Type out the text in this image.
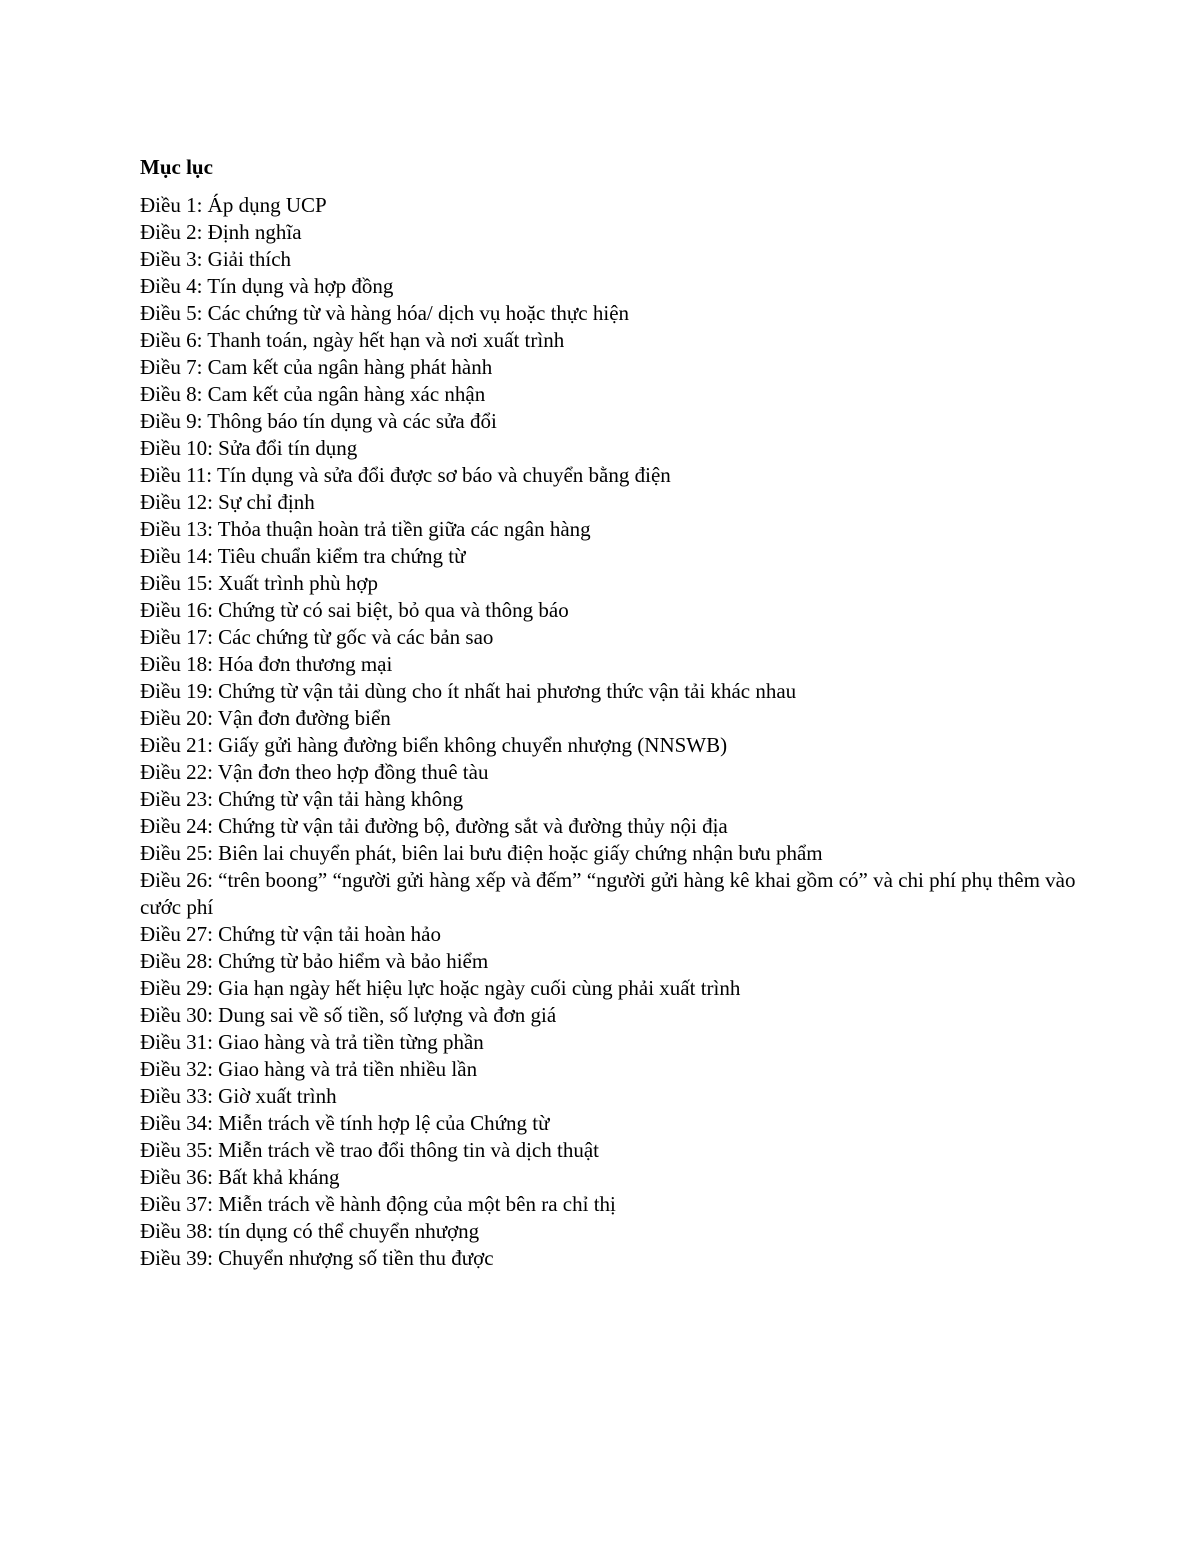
Mục lục
Điều 1: Áp dụng UCP
Điều 2: Định nghĩa
Điều 3: Giải thích
Điều 4: Tín dụng và hợp đồng
Điều 5: Các chứng từ và hàng hóa/ dịch vụ hoặc thực hiện
Điều 6: Thanh toán, ngày hết hạn và nơi xuất trình
Điều 7: Cam kết của ngân hàng phát hành
Điều 8: Cam kết của ngân hàng xác nhận
Điều 9: Thông báo tín dụng và các sửa đổi
Điều 10: Sửa đổi tín dụng
Điều 11: Tín dụng và sửa đổi được sơ báo và chuyển bằng điện
Điều 12: Sự chỉ định
Điều 13: Thỏa thuận hoàn trả tiền giữa các ngân hàng
Điều 14: Tiêu chuẩn kiểm tra chứng từ
Điều 15: Xuất trình phù hợp
Điều 16: Chứng từ có sai biệt, bỏ qua và thông báo
Điều 17: Các chứng từ gốc và các bản sao
Điều 18: Hóa đơn thương mại
Điều 19: Chứng từ vận tải dùng cho ít nhất hai phương thức vận tải khác nhau
Điều 20: Vận đơn đường biển
Điều 21: Giấy gửi hàng đường biển không chuyển nhượng (NNSWB)
Điều 22: Vận đơn theo hợp đồng thuê tàu
Điều 23: Chứng từ vận tải hàng không
Điều 24: Chứng từ vận tải đường bộ, đường sắt và đường thủy nội địa
Điều 25: Biên lai chuyển phát, biên lai bưu điện hoặc giấy chứng nhận bưu phẩm
Điều 26: “trên boong” “người gửi hàng xếp và đếm” “người gửi hàng kê khai gồm có” và chi phí phụ thêm vào cước phí
Điều 27: Chứng từ vận tải hoàn hảo
Điều 28: Chứng từ bảo hiểm và bảo hiểm
Điều 29: Gia hạn ngày hết hiệu lực hoặc ngày cuối cùng phải xuất trình
Điều 30: Dung sai về số tiền, số lượng và đơn giá
Điều 31: Giao hàng và trả tiền từng phần
Điều 32: Giao hàng và trả tiền nhiều lần
Điều 33: Giờ xuất trình
Điều 34: Miễn trách về tính hợp lệ của Chứng từ
Điều 35: Miễn trách về trao đổi thông tin và dịch thuật
Điều 36: Bất khả kháng
Điều 37: Miễn trách về hành động của một bên ra chỉ thị
Điều 38: tín dụng có thể chuyển nhượng
Điều 39: Chuyển nhượng số tiền thu được
